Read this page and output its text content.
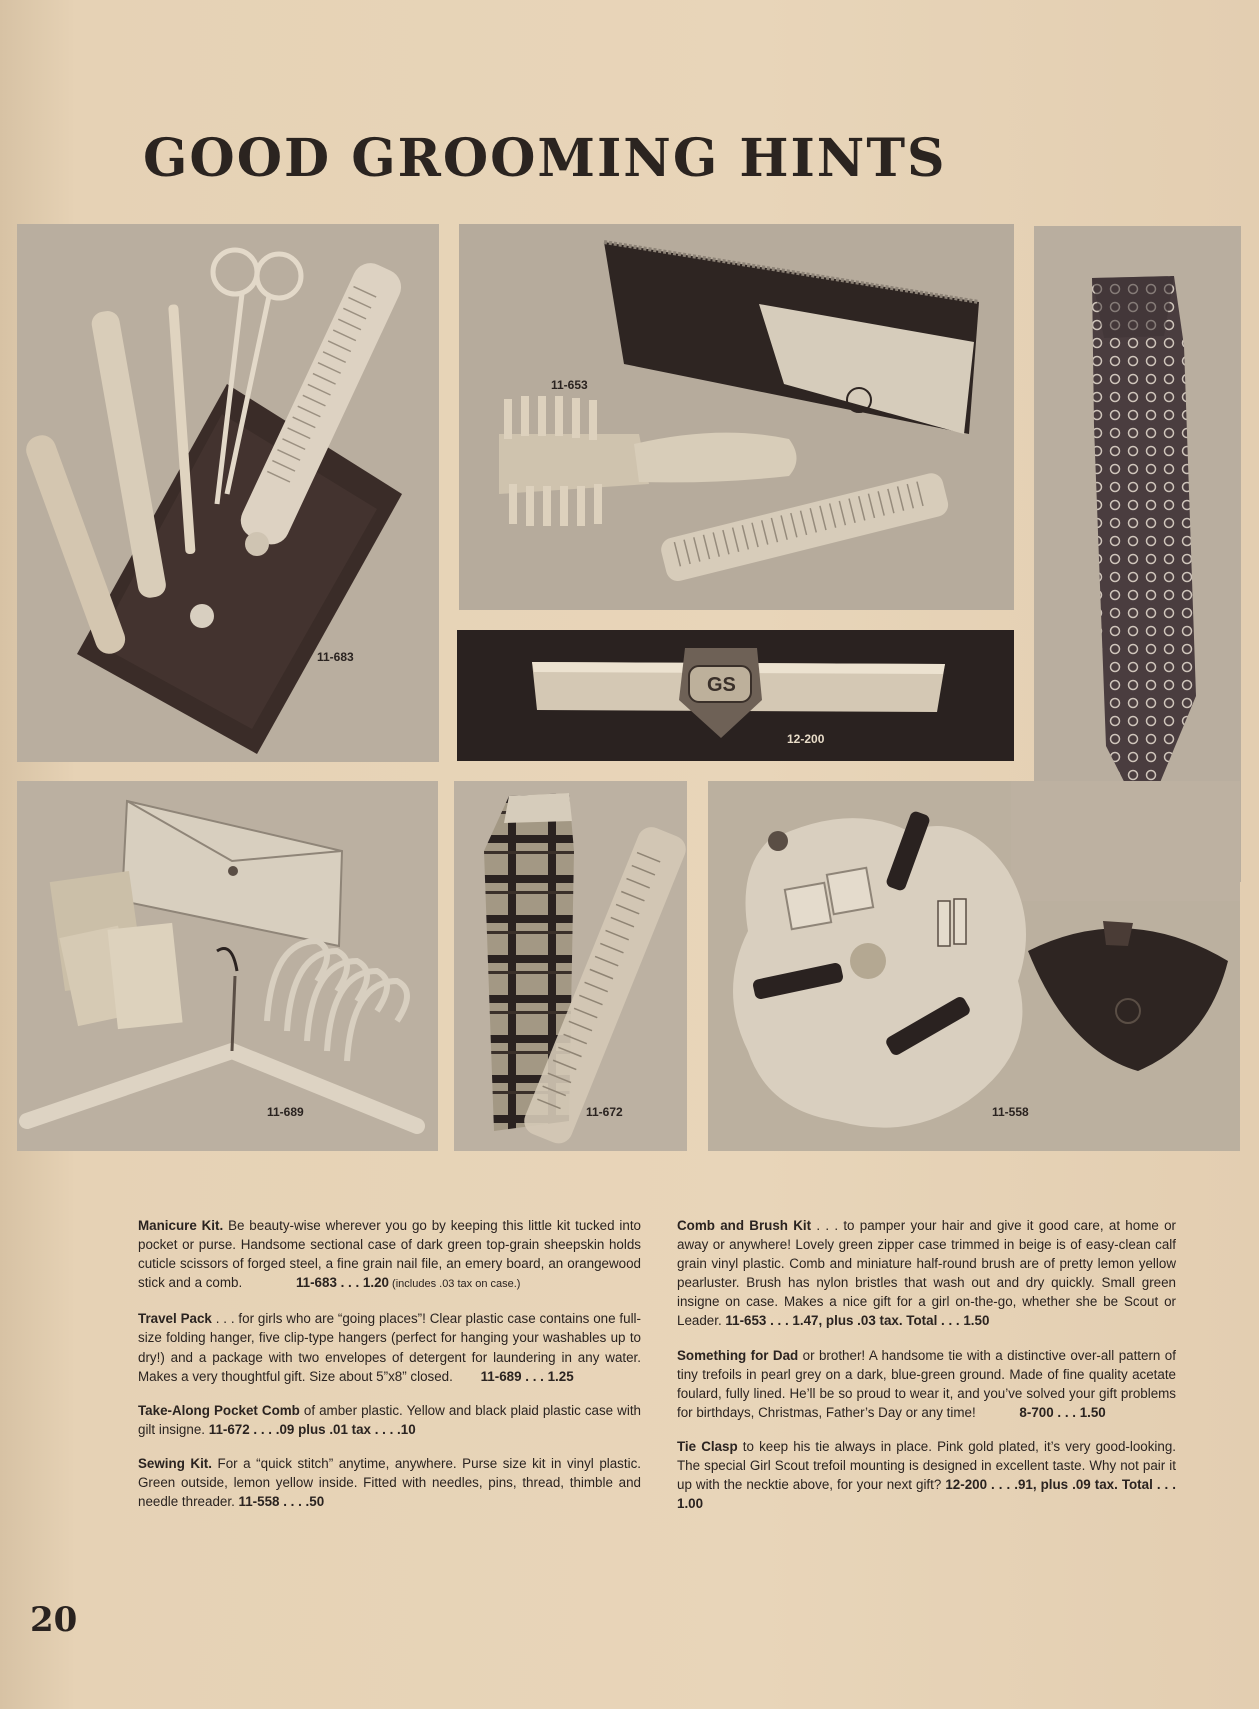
GOOD GROOMING HINTS
11-683
11-653
GS
12-200
11-689	11-672	11-558

Manicure Kit. Be beauty-wise wherever you go by keeping this little kit tucked into pocket or purse. Handsome sectional case of dark green top-grain sheepskin holds cuticle scissors of forged steel, a fine grain nail file, an emery board, an orangewood stick and a comb.	11-683 . . . 1.20 (includes .03 tax on case.)

Travel Pack . . . for girls who are “going places”! Clear plastic case contains one full-size folding hanger, five clip-type hangers (perfect for hanging your washables up to dry!) and a package with two envelopes of detergent for laundering in any water. Makes a very thoughtful gift. Size about 5”x8” closed. 11-689 . . . 1.25

Take-Along Pocket Comb of amber plastic. Yellow and black plaid plastic case with gilt insigne. 11-672 . . . .09 plus .01 tax . . . .10

Sewing Kit. For a “quick stitch” anytime, anywhere. Purse size kit in vinyl plastic. Green outside, lemon yellow inside. Fitted with needles, pins, thread, thimble and needle threader. 11-558 . . . .50

Comb and Brush Kit . . . to pamper your hair and give it good care, at home or away or anywhere! Lovely green zipper case trimmed in beige is of easy-clean calf grain vinyl plastic. Comb and miniature half-round brush are of pretty lemon yellow pearluster. Brush has nylon bristles that wash out and dry quickly. Small green insigne on case. Makes a nice gift for a girl on-the-go, whether she be Scout or Leader. 11-653 . . . 1.47, plus .03 tax. Total . . . 1.50

Something for Dad or brother! A handsome tie with a distinctive over-all pattern of tiny trefoils in pearl grey on a dark, blue-green ground. Made of fine quality acetate foulard, fully lined. He’ll be so proud to wear it, and you’ve solved your gift problems for birthdays, Christmas, Father’s Day or any time!	8-700 . . . 1.50

Tie Clasp to keep his tie always in place. Pink gold plated, it’s very good-looking. The special Girl Scout trefoil mounting is designed in excellent taste. Why not pair it up with the necktie above, for your next gift? 12-200 . . . .91, plus .09 tax. Total . . . 1.00

20
